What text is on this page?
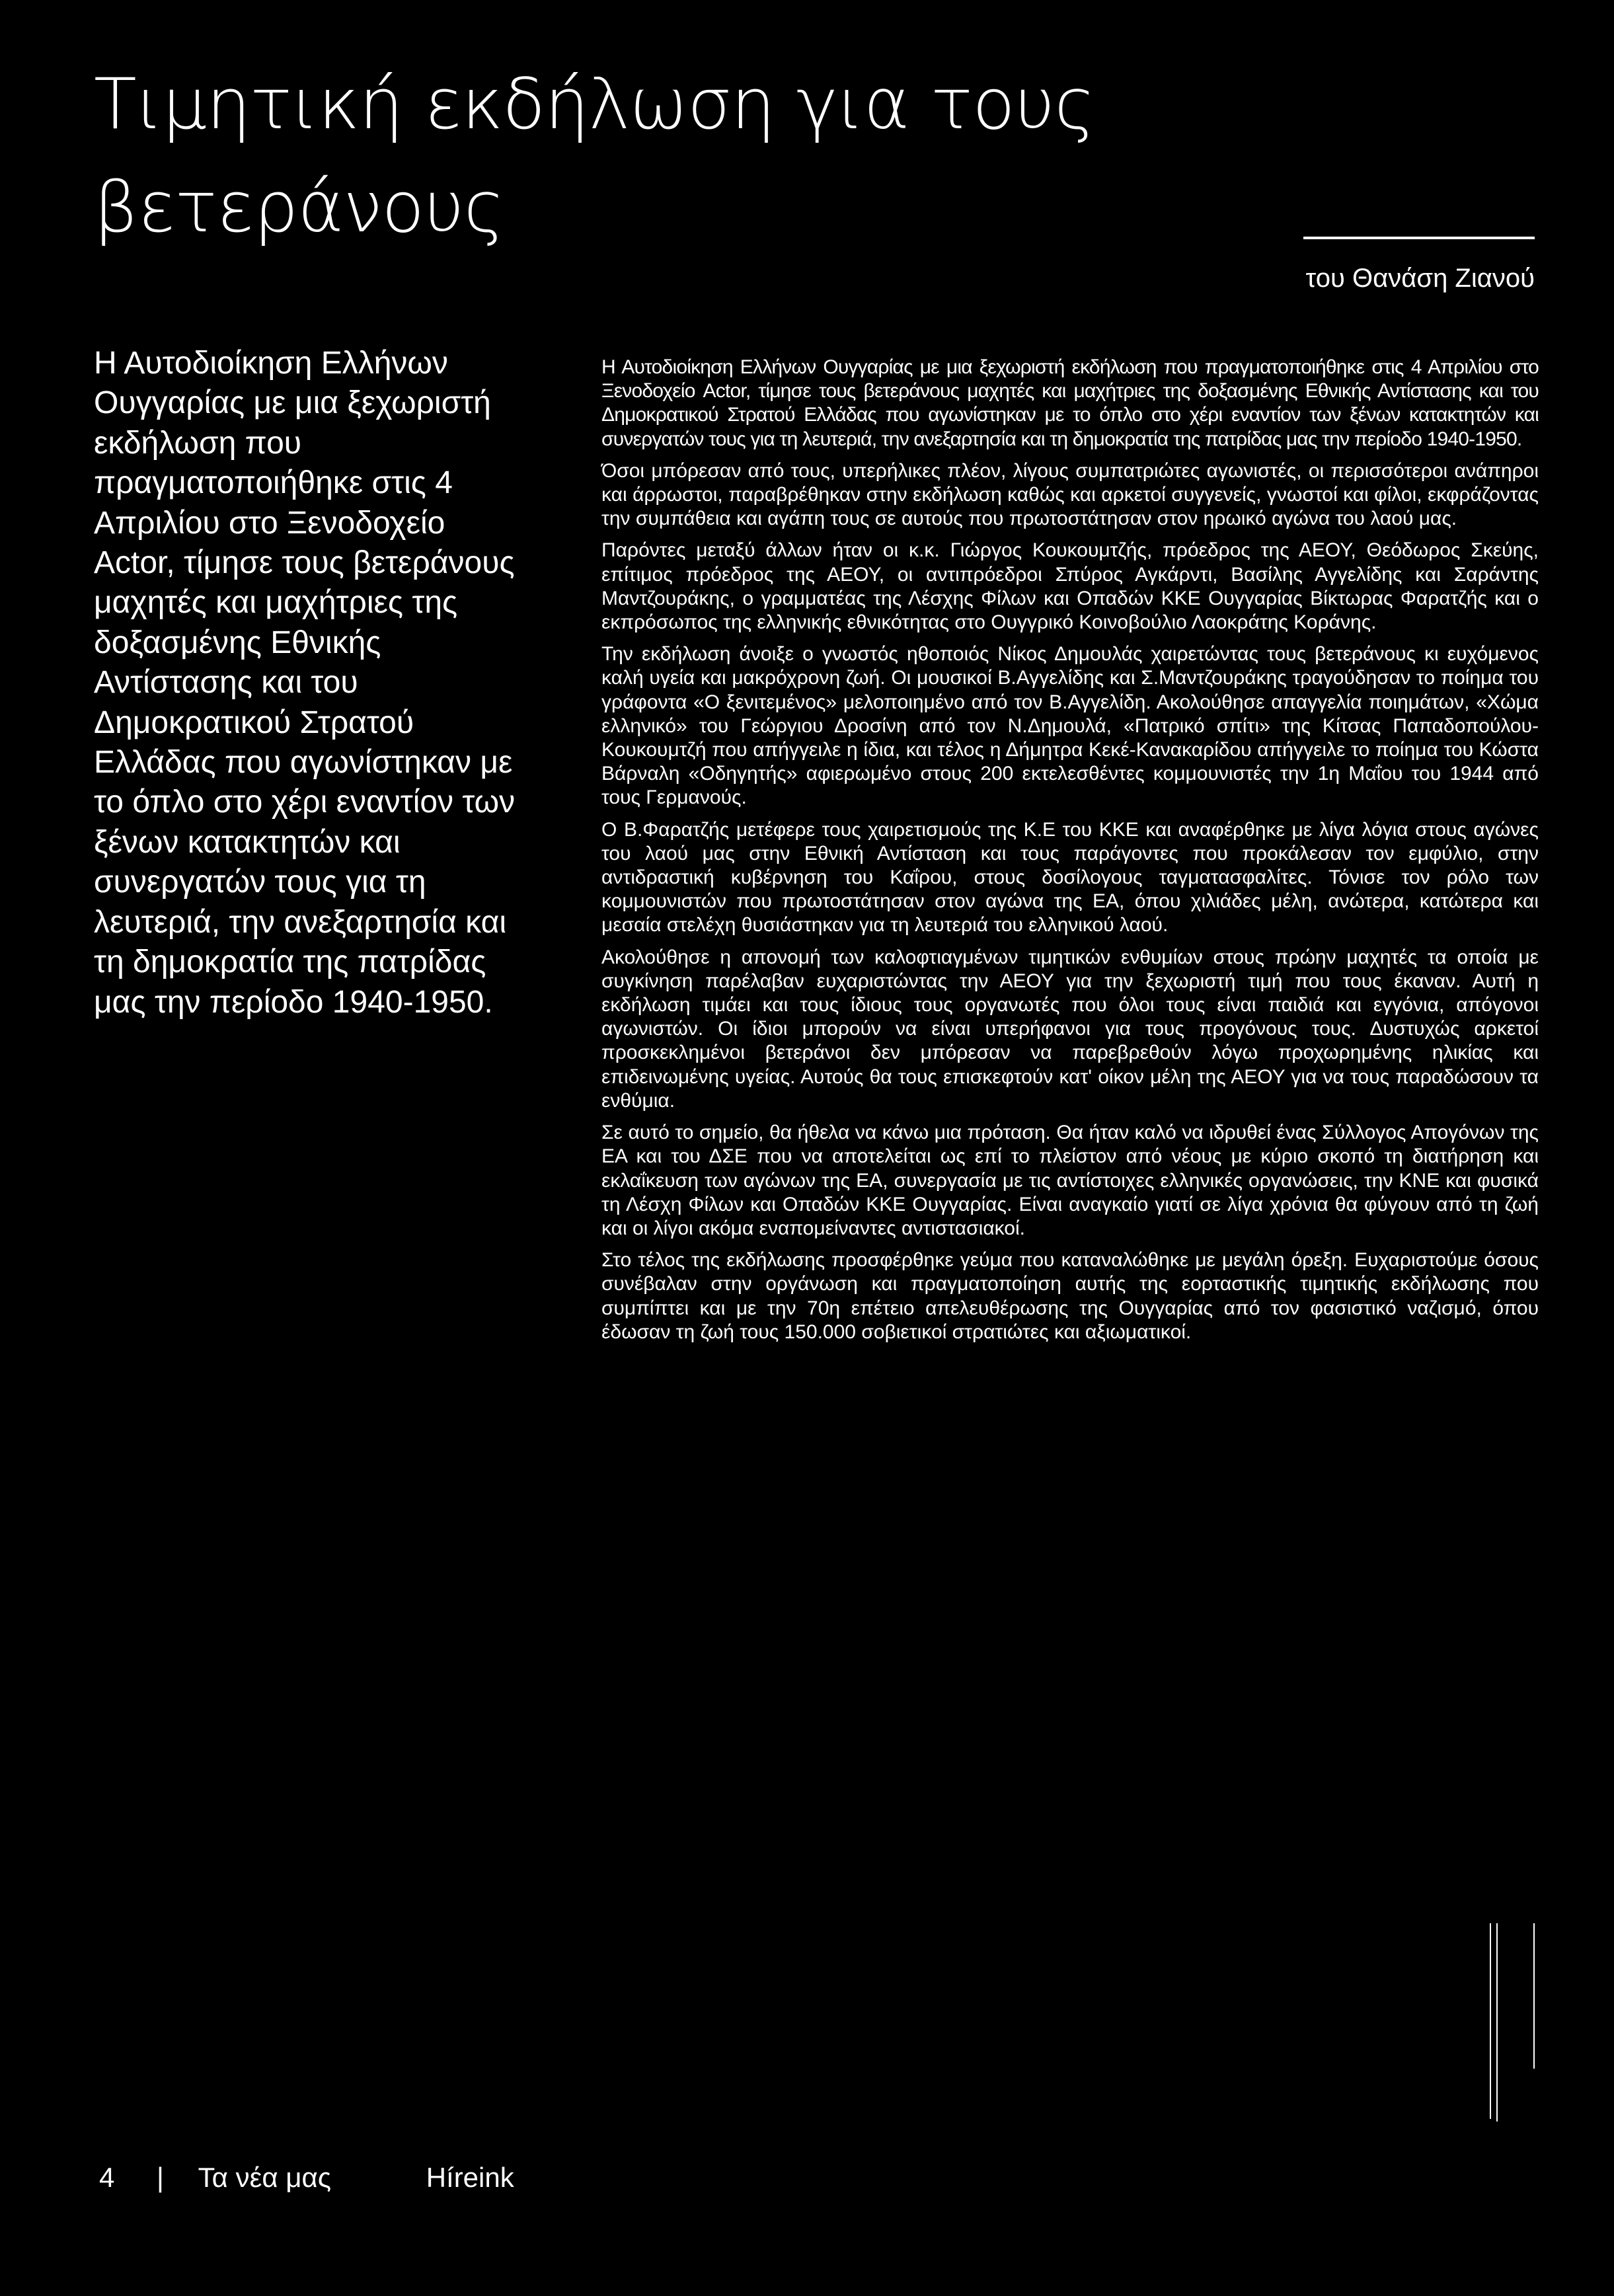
Τιμητική εκδήλωση για τους βετεράνους
του Θανάση Ζιανού

Η Αυτοδιοίκηση Ελλήνων Ουγγαρίας με μια ξεχωριστή εκδήλωση που πραγματοποιήθηκε στις 4 Απριλίου στο Ξενοδοχείο Actor, τίμησε τους βετεράνους μαχητές και μαχήτριες της δοξασμένης Εθνικής Αντίστασης και του Δημοκρατικού Στρατού Ελλάδας που αγωνίστηκαν με το όπλο στο χέρι εναντίον των ξένων κατακτητών και συνεργατών τους για τη λευτεριά, την ανεξαρτησία και τη δημοκρατία της πατρίδας μας την περίοδο 1940-1950.

Η Αυτοδιοίκηση Ελλήνων Ουγγαρίας με μια ξεχωριστή εκδήλωση που πραγματοποιήθηκε στις 4 Απριλίου στο Ξενοδοχείο Actor, τίμησε τους βετεράνους μαχητές και μαχήτριες της δοξασμένης Εθνικής Αντίστασης και του Δημοκρατικού Στρατού Ελλάδας που αγωνίστηκαν με το όπλο στο χέρι εναντίον των ξένων κατακτητών και συνεργατών τους για τη λευτεριά, την ανεξαρτησία και τη δημοκρατία της πατρίδας μας την περίοδο 1940-1950.

Όσοι μπόρεσαν από τους, υπερήλικες πλέον, λίγους συμπατριώτες αγωνιστές, οι περισσότεροι ανάπηροι και άρρωστοι, παραβρέθηκαν στην εκδήλωση καθώς και αρκετοί συγγενείς, γνωστοί και φίλοι, εκφράζοντας την συμπάθεια και αγάπη τους σε αυτούς που πρωτοστάτησαν στον ηρωικό αγώνα του λαού μας.

Παρόντες μεταξύ άλλων ήταν οι κ.κ. Γιώργος Κουκουμτζής, πρόεδρος της ΑΕΟΥ, Θεόδωρος Σκεύης, επίτιμος πρόεδρος της ΑΕΟΥ, οι αντιπρόεδροι Σπύρος Αγκάρντι, Βασίλης Αγγελίδης και Σαράντης Μαντζουράκης, ο γραμματέας της Λέσχης Φίλων και Οπαδών ΚΚΕ Ουγγαρίας Βίκτωρας Φαρατζής και ο εκπρόσωπος της ελληνικής εθνικότητας στο Ουγγρικό Κοινοβούλιο Λαοκράτης Κοράνης.

Την εκδήλωση άνοιξε ο γνωστός ηθοποιός Νίκος Δημουλάς χαιρετώντας τους βετεράνους κι ευχόμενος καλή υγεία και μακρόχρονη ζωή. Οι μουσικοί Β.Αγγελίδης και Σ.Μαντζουράκης τραγούδησαν το ποίημα του γράφοντα «Ο ξενιτεμένος» μελοποιημένο από τον Β.Αγγελίδη. Ακολούθησε απαγγελία ποιημάτων, «Χώμα ελληνικό» του Γεώργιου Δροσίνη από τον Ν.Δημουλά, «Πατρικό σπίτι» της Κίτσας Παπαδοπούλου-Κουκουμτζή που απήγγειλε η ίδια, και τέλος η Δήμητρα Κεκέ-Κανακαρίδου απήγγειλε το ποίημα του Κώστα Βάρναλη «Οδηγητής» αφιερωμένο στους 200 εκτελεσθέντες κομμουνιστές την 1η Μαΐου του 1944 από τους Γερμανούς.

Ο Β.Φαρατζής μετέφερε τους χαιρετισμούς της Κ.Ε του ΚΚΕ και αναφέρθηκε με λίγα λόγια στους αγώνες του λαού μας στην Εθνική Αντίσταση και τους παράγοντες που προκάλεσαν τον εμφύλιο, στην αντιδραστική κυβέρνηση του Καΐρου, στους δοσίλογους ταγματασφαλίτες. Τόνισε τον ρόλο των κομμουνιστών που πρωτοστάτησαν στον αγώνα της ΕΑ, όπου χιλιάδες μέλη, ανώτερα, κατώτερα και μεσαία στελέχη θυσιάστηκαν για τη λευτεριά του ελληνικού λαού.

Ακολούθησε η απονομή των καλοφτιαγμένων τιμητικών ενθυμίων στους πρώην μαχητές τα οποία με συγκίνηση παρέλαβαν ευχαριστώντας την ΑΕΟΥ για την ξεχωριστή τιμή που τους έκαναν. Αυτή η εκδήλωση τιμάει και τους ίδιους τους οργανωτές που όλοι τους είναι παιδιά και εγγόνια, απόγονοι αγωνιστών. Οι ίδιοι μπορούν να είναι υπερήφανοι για τους προγόνους τους. Δυστυχώς αρκετοί προσκεκλημένοι βετεράνοι δεν μπόρεσαν να παρεβρεθούν λόγω προχωρημένης ηλικίας και επιδεινωμένης υγείας. Αυτούς θα τους επισκεφτούν κατ' οίκον μέλη της ΑΕΟΥ για να τους παραδώσουν τα ενθύμια.

Σε αυτό το σημείο, θα ήθελα να κάνω μια πρόταση. Θα ήταν καλό να ιδρυθεί ένας Σύλλογος Απογόνων της ΕΑ και του ΔΣΕ που να αποτελείται ως επί το πλείστον από νέους με κύριο σκοπό τη διατήρηση και εκλαΐκευση των αγώνων της ΕΑ, συνεργασία με τις αντίστοιχες ελληνικές οργανώσεις, την ΚΝΕ και φυσικά τη Λέσχη Φίλων και Οπαδών ΚΚΕ Ουγγαρίας. Είναι αναγκαίο γιατί σε λίγα χρόνια θα φύγουν από τη ζωή και οι λίγοι ακόμα εναπομείναντες αντιστασιακοί.

Στο τέλος της εκδήλωσης προσφέρθηκε γεύμα που καταναλώθηκε με μεγάλη όρεξη. Ευχαριστούμε όσους συνέβαλαν στην οργάνωση και πραγματοποίηση αυτής της εορταστικής τιμητικής εκδήλωσης που συμπίπτει και με την 70η επέτειο απελευθέρωσης της Ουγγαρίας από τον φασιστικό ναζισμό, όπου έδωσαν τη ζωή τους 150.000 σοβιετικοί στρατιώτες και αξιωματικοί.

4 | Τα νέα μας	Híreink
